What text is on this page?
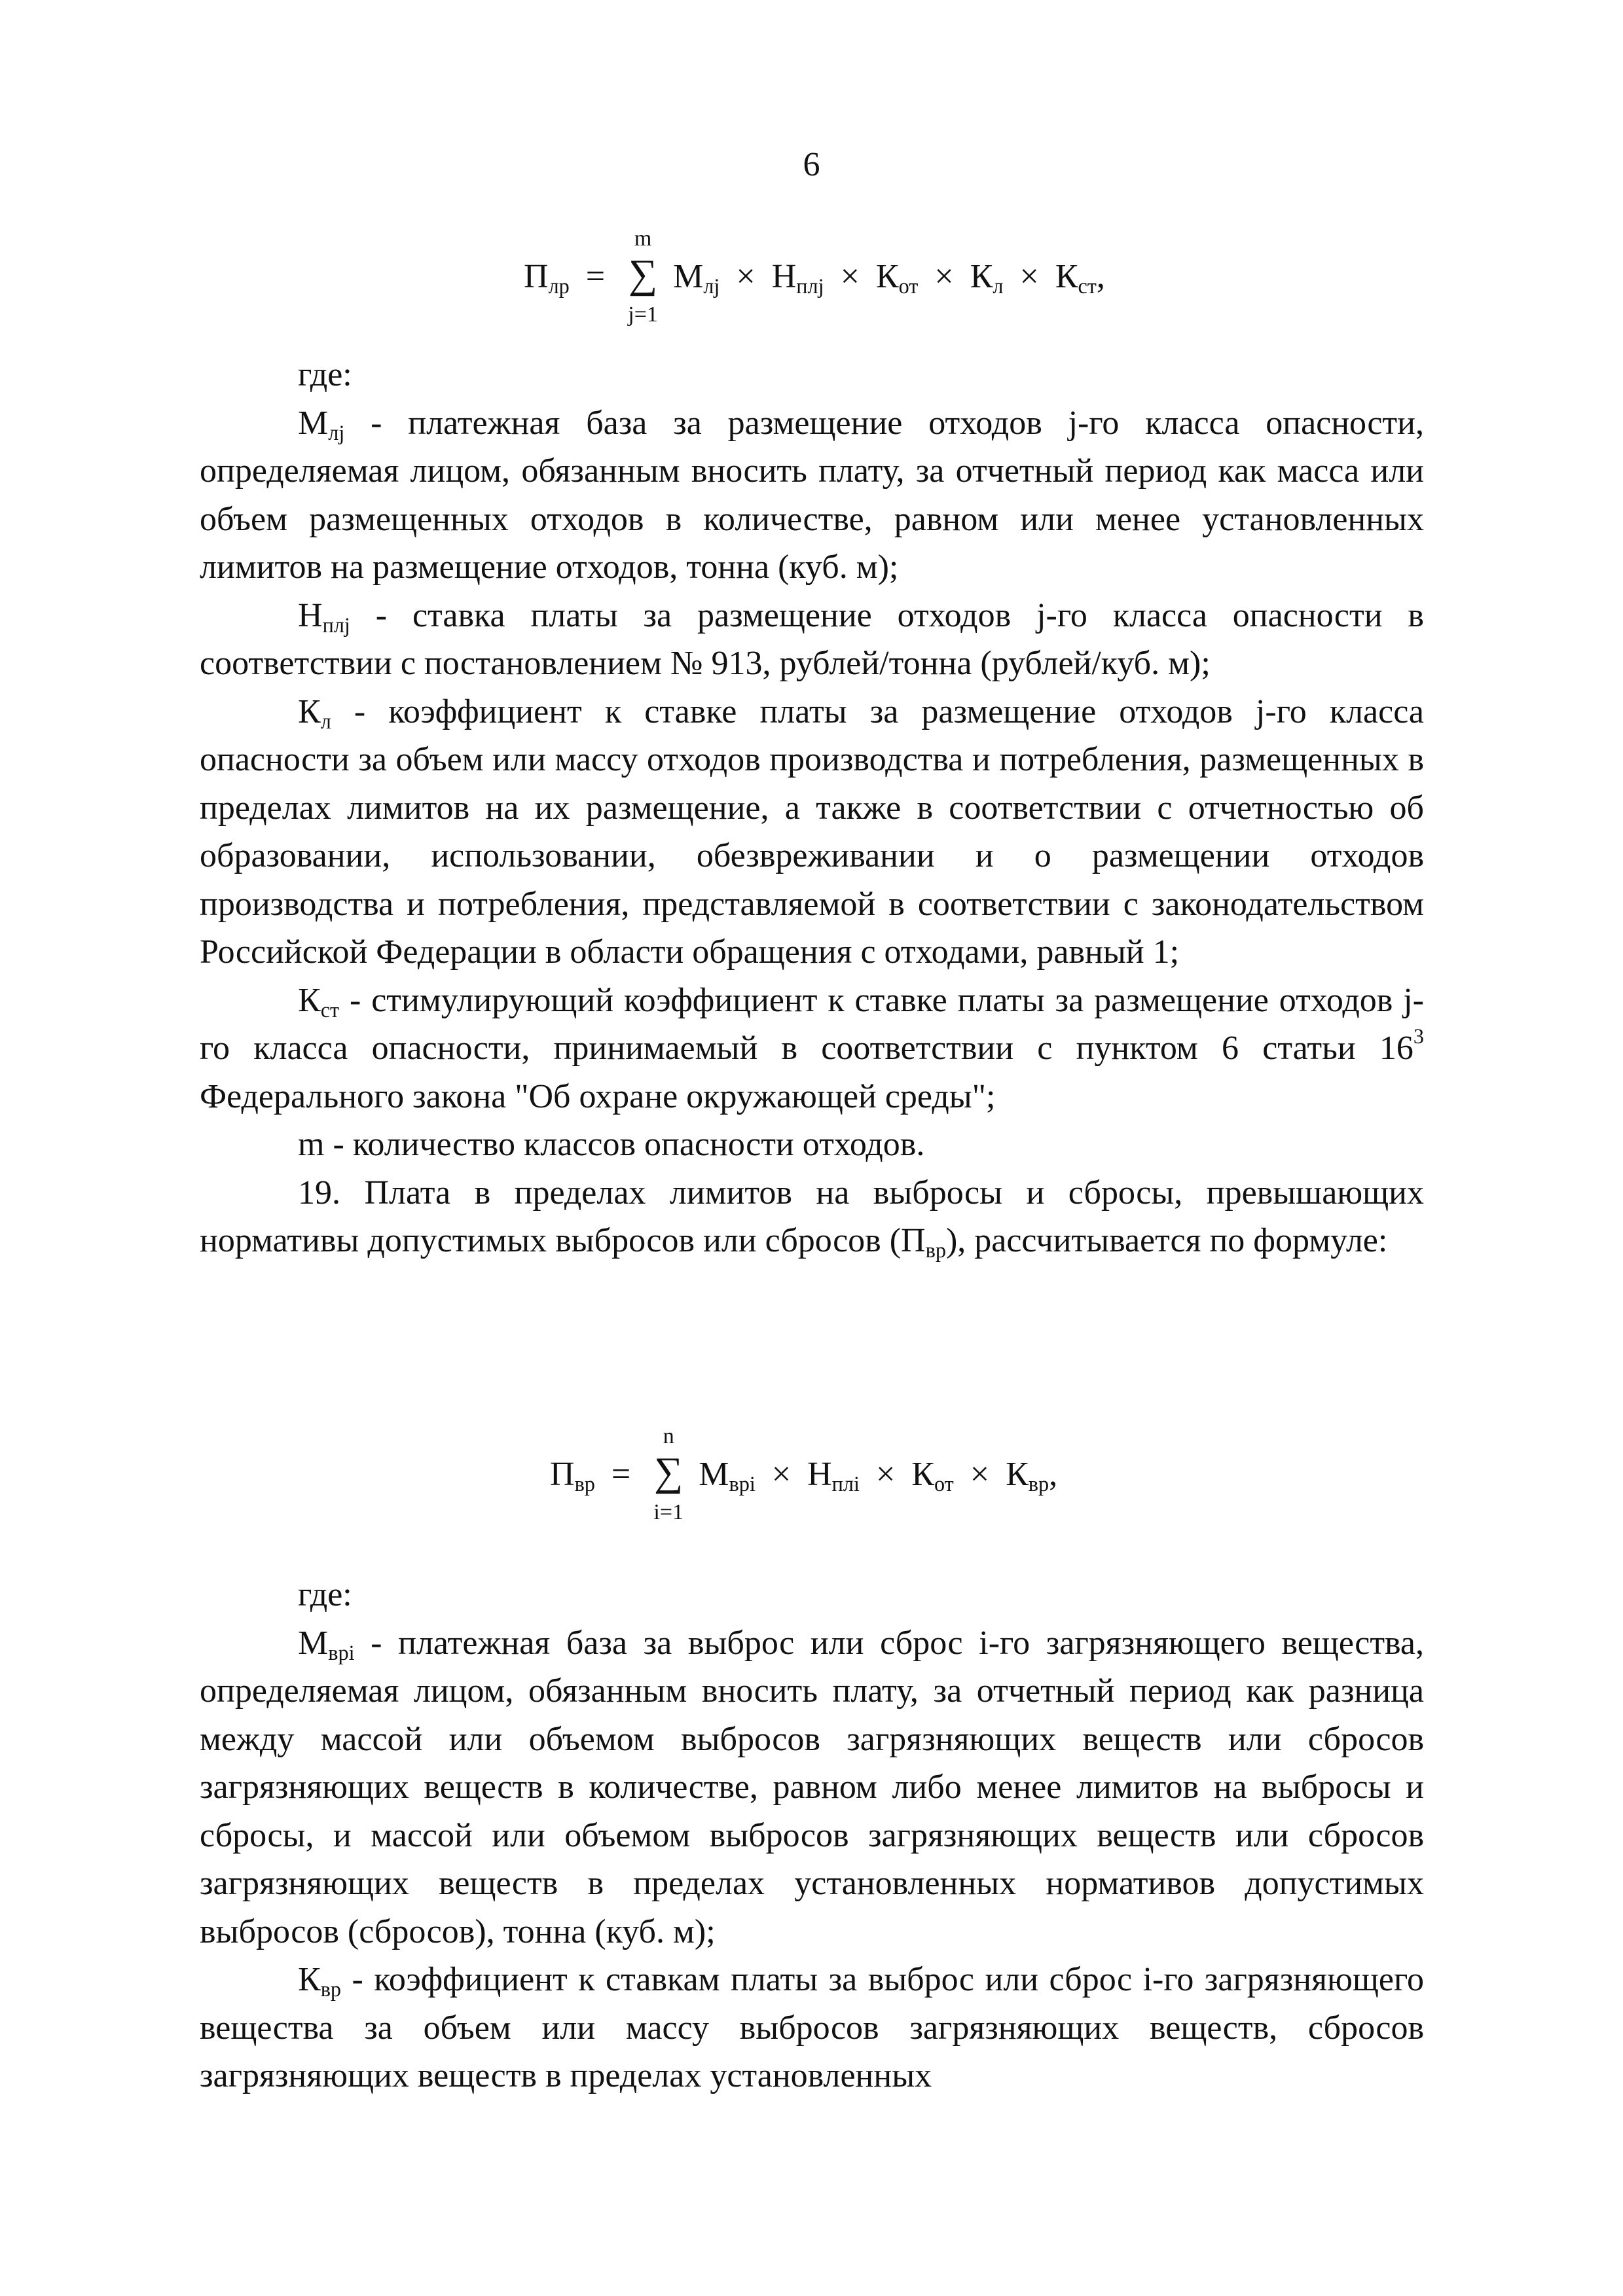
6
$П_{лр}$ =
m
∑
j=1
$М_{лj} \times Н_{плj} \times К_{от} \times К_л \times К_{ст}$,

где:

$М_{лj}$ - платежная база за размещение отходов j-го класса опасности, определяемая лицом, обязанным вносить плату, за отчетный период как масса или объем размещенных отходов в количестве, равном или менее установленных лимитов на размещение отходов, тонна (куб. м);

$Н_{плj}$ - ставка платы за размещение отходов j-го класса опасности в соответствии с постановлением № 913, рублей/тонна (рублей/куб. м);

$К_л$ - коэффициент к ставке платы за размещение отходов j-го класса опасности за объем или массу отходов производства и потребления, размещенных в пределах лимитов на их размещение, а также в соответствии с отчетностью об образовании, использовании, обезвреживании и о размещении отходов производства и потребления, представляемой в соответствии с законодательством Российской Федерации в области обращения с отходами, равный 1;

$К_{ст}$ - стимулирующий коэффициент к ставке платы за размещение отходов j-го класса опасности, принимаемый в соответствии с пунктом 6 статьи $16^3$ Федерального закона "Об охране окружающей среды";

m - количество классов опасности отходов.

19. Плата в пределах лимитов на выбросы и сбросы, превышающих нормативы допустимых выбросов или сбросов $(П_{вр})$, рассчитывается по формуле:

$П_{вр}$ =
n
∑
i=1
$М_{врi} \times Н_{плi} \times К_{от} \times К_{вр}$,

где:

$М_{врi}$ - платежная база за выброс или сброс i-го загрязняющего вещества, определяемая лицом, обязанным вносить плату, за отчетный период как разница между массой или объемом выбросов загрязняющих веществ или сбросов загрязняющих веществ в количестве, равном либо менее лимитов на выбросы и сбросы, и массой или объемом выбросов загрязняющих веществ или сбросов загрязняющих веществ в пределах установленных нормативов допустимых выбросов (сбросов), тонна (куб. м);

$К_{вр}$ - коэффициент к ставкам платы за выброс или сброс i-го загрязняющего вещества за объем или массу выбросов загрязняющих веществ, сбросов загрязняющих веществ в пределах установленных
